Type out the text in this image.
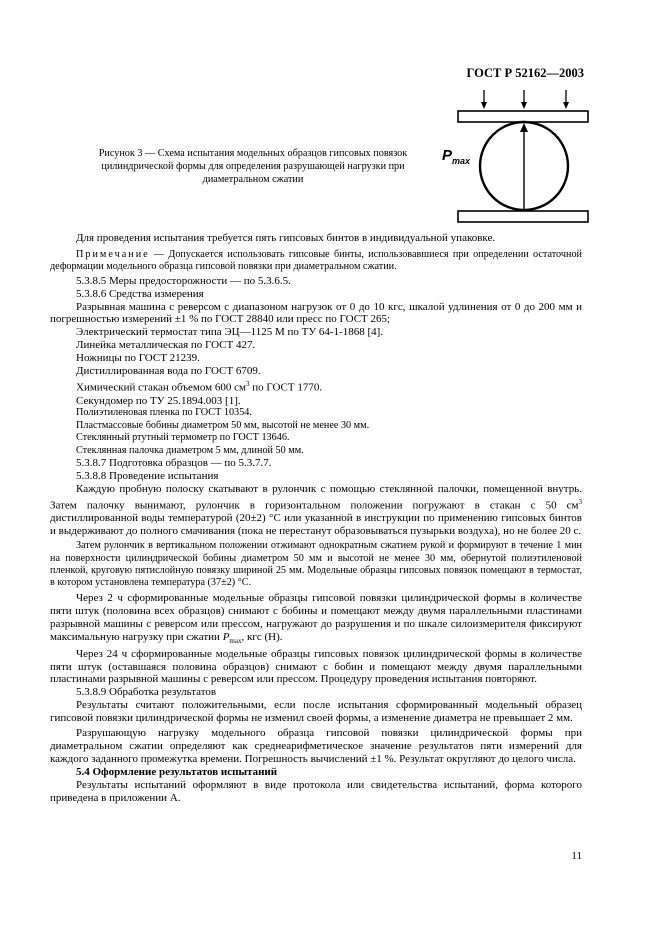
ГОСТ Р 52162—2003
Рисунок 3 — Схема испытания модельных образцов гипсовых повязок
цилиндрической формы для определения разрушающей нагрузки при
диаметральном сжатии
$P_{max}$

Для проведения испытания требуется пять гипсовых бинтов в индивидуальной упаковке.

Примечание — Допускается использовать гипсовые бинты, использовавшиеся при определении остаточной деформации модельного образца гипсовой повязки при диаметральном сжатии.

5.3.8.5 Меры предосторожности — по 5.3.6.5.

5.3.8.6 Средства измерения

Разрывная машина с реверсом с диапазоном нагрузок от 0 до 10 кгс, шкалой удлинения от 0 до 200 мм и погрешностью измерений ±1 % по ГОСТ 28840 или пресс по ГОСТ 265;

Электрический термостат типа ЭЦ—1125 М по ТУ 64-1-1868 [4].

Линейка металлическая по ГОСТ 427.

Ножницы по ГОСТ 21239.

Дистиллированная вода по ГОСТ 6709.

Химический стакан объемом 600 $см^3$ по ГОСТ 1770.

Секундомер по ТУ 25.1894.003 [1].

Полиэтиленовая пленка по ГОСТ 10354.

Пластмассовые бобины диаметром 50 мм, высотой не менее 30 мм.

Стеклянный ртутный термометр по ГОСТ 13646.

Стеклянная палочка диаметром 5 мм, длиной 50 мм.

5.3.8.7 Подготовка образцов — по 5.3.7.7.

5.3.8.8 Проведение испытания

Каждую пробную полоску скатывают в рулончик с помощью стеклянной палочки, помещенной внутрь. Затем палочку вынимают, рулончик в горизонтальном положении погружают в стакан с 50 $см^3$ дистиллированной воды температурой (20±2) °С или указанной в инструкции по применению гипсовых бинтов и выдерживают до полного смачивания (пока не перестанут образовываться пузырьки воздуха), но не более 20 с.

Затем рулончик в вертикальном положении отжимают однократным сжатием рукой и формируют в течение 1 мин на поверхности цилиндрической бобины диаметром 50 мм и высотой не менее 30 мм, обернутой полиэтиленовой пленкой, круговую пятислойную повязку шириной 25 мм. Модельные образцы гипсовых повязок помещают в термостат, в котором установлена температура (37±2) °С.

Через 2 ч сформированные модельные образцы гипсовой повязки цилиндрической формы в количестве пяти штук (половина всех образцов) снимают с бобины и помещают между двумя параллельными пластинами разрывной машины с реверсом или прессом, нагружают до разрушения и по шкале силоизмерителя фиксируют максимальную нагрузку при сжатии $P_{max}$, кгс (Н).

Через 24 ч сформированные модельные образцы гипсовых повязок цилиндрической формы в количестве пяти штук (оставшаяся половина образцов) снимают с бобин и помещают между двумя параллельными пластинами разрывной машины с реверсом или прессом. Процедуру проведения испытания повторяют.

5.3.8.9 Обработка результатов

Результаты считают положительными, если после испытания сформированный модельный образец гипсовой повязки цилиндрической формы не изменил своей формы, а изменение диаметра не превышает 2 мм.

Разрушающую нагрузку модельного образца гипсовой повязки цилиндрической формы при диаметральном сжатии определяют как среднеарифметическое значение результатов пяти измерений для каждого заданного промежутка времени. Погрешность вычислений ±1 %. Результат округляют до целого числа.

5.4 Оформление результатов испытаний

Результаты испытаний оформляют в виде протокола или свидетельства испытаний, форма которого приведена в приложении А.

11
